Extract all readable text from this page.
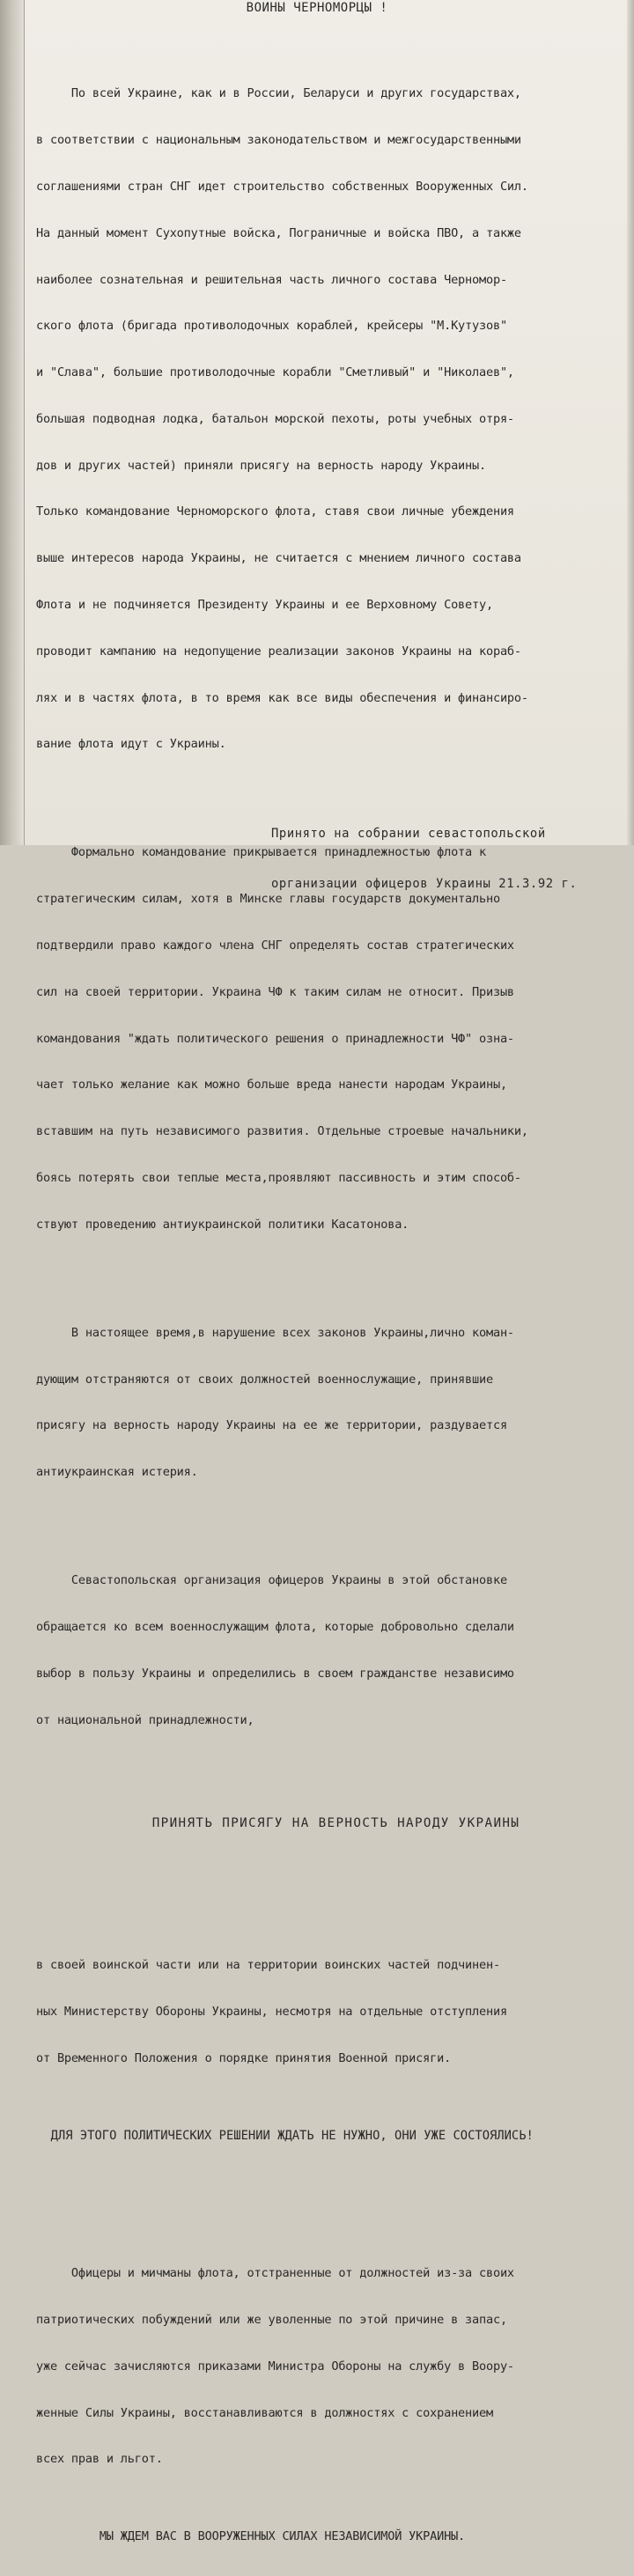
ВОИНЫ ЧЕРНОМОРЦЫ !

По всей Украине, как и в России, Беларуси и других государствах,

в соответствии с национальным законодательством и межгосударственными

соглашениями стран СНГ идет строительство собственных Вооруженных Сил.

На данный момент Сухопутные войска, Пограничные и войска ПВО, а также

наиболее сознательная и решительная часть личного состава Черномор-

ского флота (бригада противолодочных кораблей, крейсеры "М.Кутузов"

и "Слава", большие противолодочные корабли "Сметливый" и "Николаев",

большая подводная лодка, батальон морской пехоты, роты учебных отря-

дов и других частей) приняли присягу на верность народу Украины.

Только командование Черноморского флота, ставя свои личные убеждения

выше интересов народа Украины, не считается с мнением личного состава

Флота и не подчиняется Президенту Украины и ее Верховному Совету,

проводит кампанию на недопущение реализации законов Украины на кораб-

лях и в частях флота, в то время как все виды обеспечения и финансиро-

вание флота идут с Украины.

Формально командование прикрывается принадлежностью флота к

стратегическим силам, хотя в Минске главы государств документально

подтвердили право каждого члена СНГ определять состав стратегических

сил на своей территории. Украина ЧФ к таким силам не относит. Призыв

командования "ждать политического решения о принадлежности ЧФ" озна-

чает только желание как можно больше вреда нанести народам Украины,

вставшим на путь независимого развития. Отдельные строевые начальники,

боясь потерять свои теплые места,проявляют пассивность и этим способ-

ствуют проведению антиукраинской политики Касатонова.

В настоящее время,в нарушение всех законов Украины,лично коман-

дующим отстраняются от своих должностей военнослужащие, принявшие

присягу на верность народу Украины на ее же территории, раздувается

антиукраинская истерия.

Севастопольская организация офицеров Украины в этой обстановке

обращается ко всем военнослужащим флота, которые добровольно сделали

выбор в пользу Украины и определились в своем гражданстве независимо

от национальной принадлежности,

ПРИНЯТЬ ПРИСЯГУ НА ВЕРНОСТЬ НАРОДУ УКРАИНЫ

в своей воинской части или на территории воинских частей подчинен-

ных Министерству Обороны Украины, несмотря на отдельные отступления

от Временного Положения о порядке принятия Военной присяги.

ДЛЯ ЭТОГО ПОЛИТИЧЕСКИХ РЕШЕНИИ ЖДАТЬ НЕ НУЖНО, ОНИ УЖЕ СОСТОЯЛИСЬ!

Офицеры и мичманы флота, отстраненные от должностей из-за своих

патриотических побуждений или же уволенные по этой причине в запас,

уже сейчас зачисляются приказами Министра Обороны на службу в Воору-

женные Силы Украины, восстанавливаются в должностях с сохранением

всех прав и льгот.

МЫ ЖДЕМ ВАС В ВООРУЖЕННЫХ СИЛАХ НЕЗАВИСИМОЙ УКРАИНЫ.

Принято на собрании севастопольской

организации офицеров Украины 21.3.92 г.
